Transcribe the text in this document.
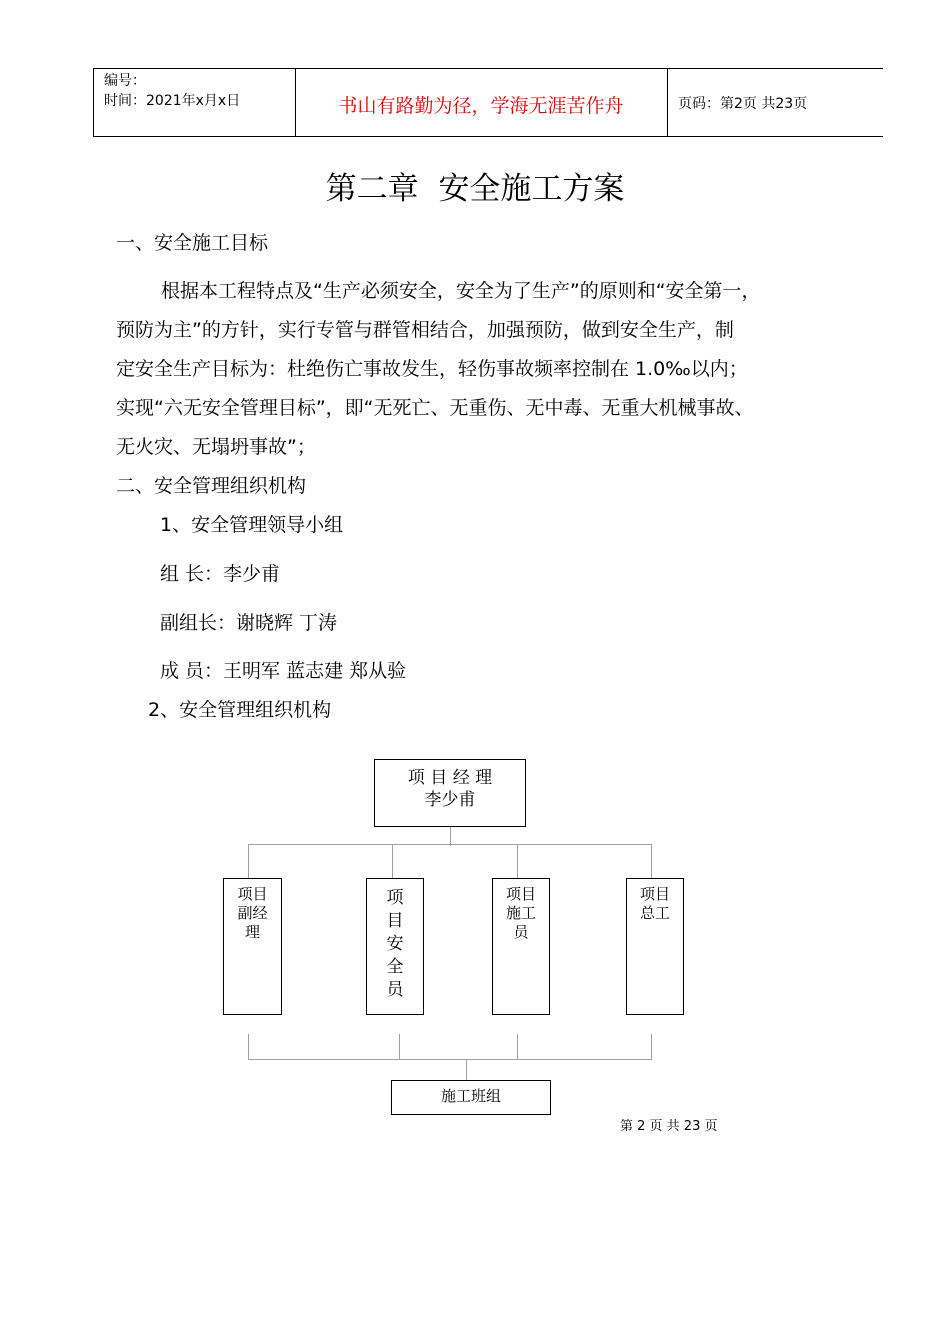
编号：
时间：2021年x月x日	书山有路勤为径，学海无涯苦作舟	页码：第2页 共23页
第二章  安全施工方案
一、安全施工目标
根据本工程特点及“生产必须安全，安全为了生产”的原则和“安全第一，
预防为主”的方针，实行专管与群管相结合，加强预防，做到安全生产，制
定安全生产目标为：杜绝伤亡事故发生，轻伤事故频率控制在 1.0‰以内；
实现“六无安全管理目标”，即“无死亡、无重伤、无中毒、无重大机械事故、
无火灾、无塌坍事故”；
二、安全管理组织机构
1、安全管理领导小组
组 长：李少甫
副组长：谢晓辉 丁涛
成 员：王明军 蓝志建 郑从验
2、安全管理组织机构
项 目 经 理
李少甫
项目副经理
项目安全员
项目施工员
项目总工
施工班组
第 2 页 共 23 页
